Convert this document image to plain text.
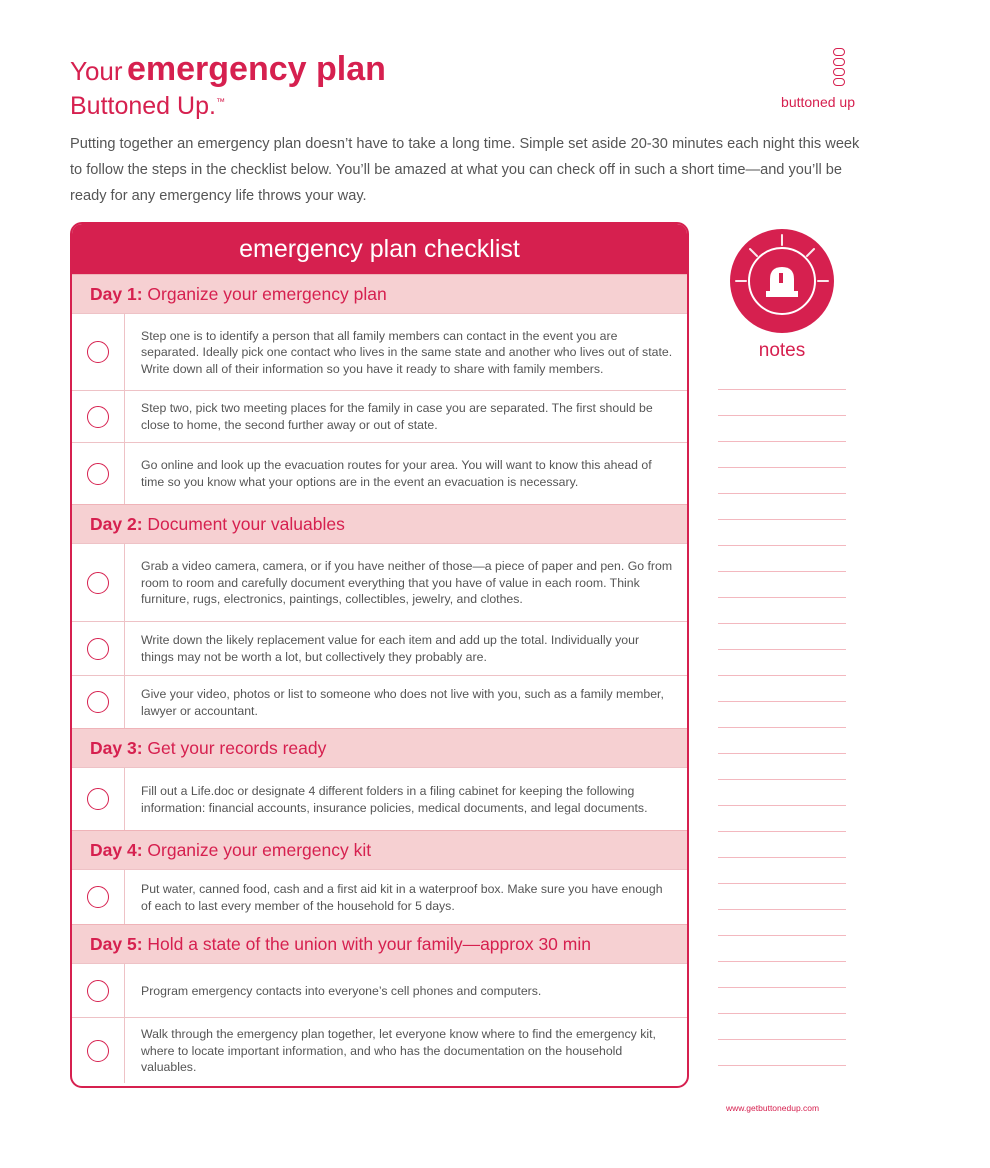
Your emergency plan
Buttoned Up.™	buttoned up
Putting together an emergency plan doesn’t have to take a long time. Simple set aside 20-30 minutes each night this week to follow the steps in the checklist below. You’ll be amazed at what you can check off in such a short time—and you’ll be ready for any emergency life throws your way.
emergency plan checklist
Day 1: Organize your emergency plan
Step one is to identify a person that all family members can contact in the event you are separated. Ideally pick one contact who lives in the same state and another who lives out of state. Write down all of their information so you have it ready to share with family members.
Step two, pick two meeting places for the family in case you are separated. The first should be close to home, the second further away or out of state.
Go online and look up the evacuation routes for your area. You will want to know this ahead of time so you know what your options are in the event an evacuation is necessary.
Day 2: Document your valuables
Grab a video camera, camera, or if you have neither of those—a piece of paper and pen. Go from room to room and carefully document everything that you have of value in each room. Think furniture, rugs, electronics, paintings, collectibles, jewelry, and clothes.
Write down the likely replacement value for each item and add up the total. Individually your things may not be worth a lot, but collectively they probably are.
Give your video, photos or list to someone who does not live with you, such as a family member, lawyer or accountant.
Day 3: Get your records ready
Fill out a Life.doc or designate 4 different folders in a filing cabinet for keeping the following information: financial accounts, insurance policies, medical documents, and legal documents.
Day 4: Organize your emergency kit
Put water, canned food, cash and a first aid kit in a waterproof box. Make sure you have enough of each to last every member of the household for 5 days.
Day 5: Hold a state of the union with your family—approx 30 min
Program emergency contacts into everyone’s cell phones and computers.
Walk through the emergency plan together, let everyone know where to find the emergency kit, where to locate important information, and who has the documentation on the household valuables.
notes
www.getbuttonedup.com
